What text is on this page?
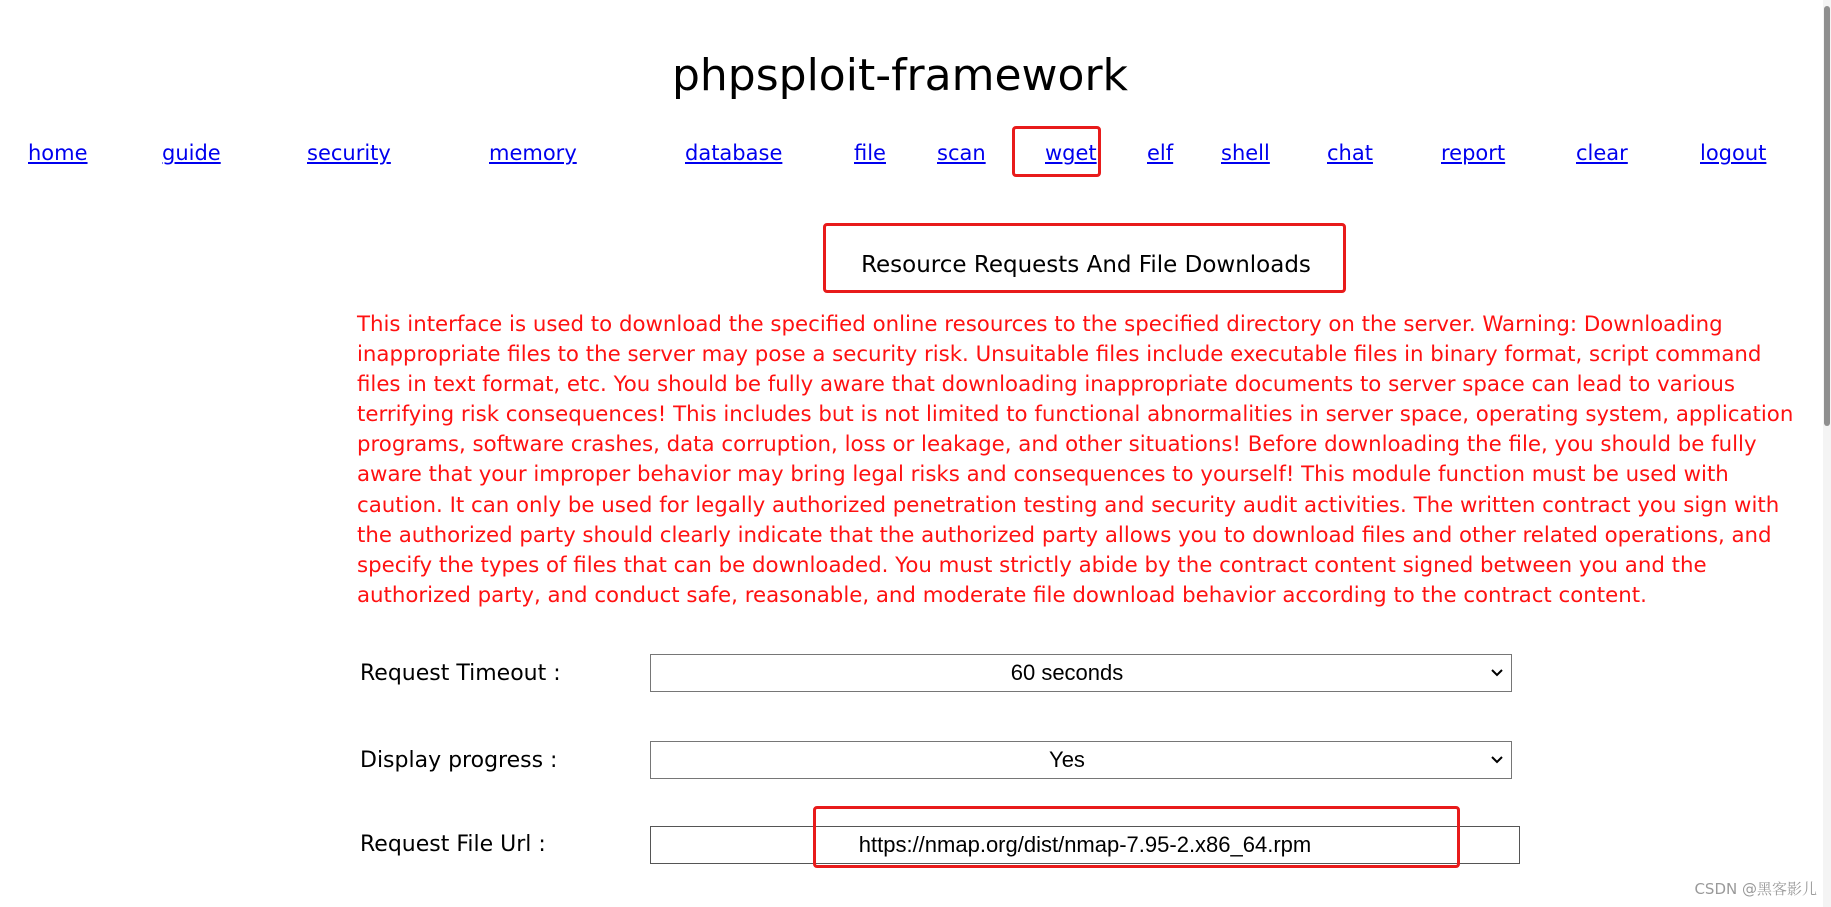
phpsploit-framework
home	guide	security	memory	database	file scan	wget elf shell	chat	report	clear	logout
Resource Requests And File Downloads
This interface is used to download the specified online resources to the specified directory on the server. Warning: Downloading inappropriate files to the server may pose a security risk. Unsuitable files include executable files in binary format, script command files in text format, etc. You should be fully aware that downloading inappropriate documents to server space can lead to various terrifying risk consequences! This includes but is not limited to functional abnormalities in server space, operating system, application programs, software crashes, data corruption, loss or leakage, and other situations! Before downloading the file, you should be fully aware that your improper behavior may bring legal risks and consequences to yourself! This module function must be used with caution. It can only be used for legally authorized penetration testing and security audit activities. The written contract you sign with the authorized party should clearly indicate that the authorized party allows you to download files and other related operations, and specify the types of files that can be downloaded. You must strictly abide by the contract content signed between you and the authorized party, and conduct safe, reasonable, and moderate file download behavior according to the contract content.
Request Timeout :	60 seconds
Display progress :	Yes
Request File Url :
https://nmap.org/dist/nmap-7.95-2.x86_64.rpm
CSDN @黑客影儿
